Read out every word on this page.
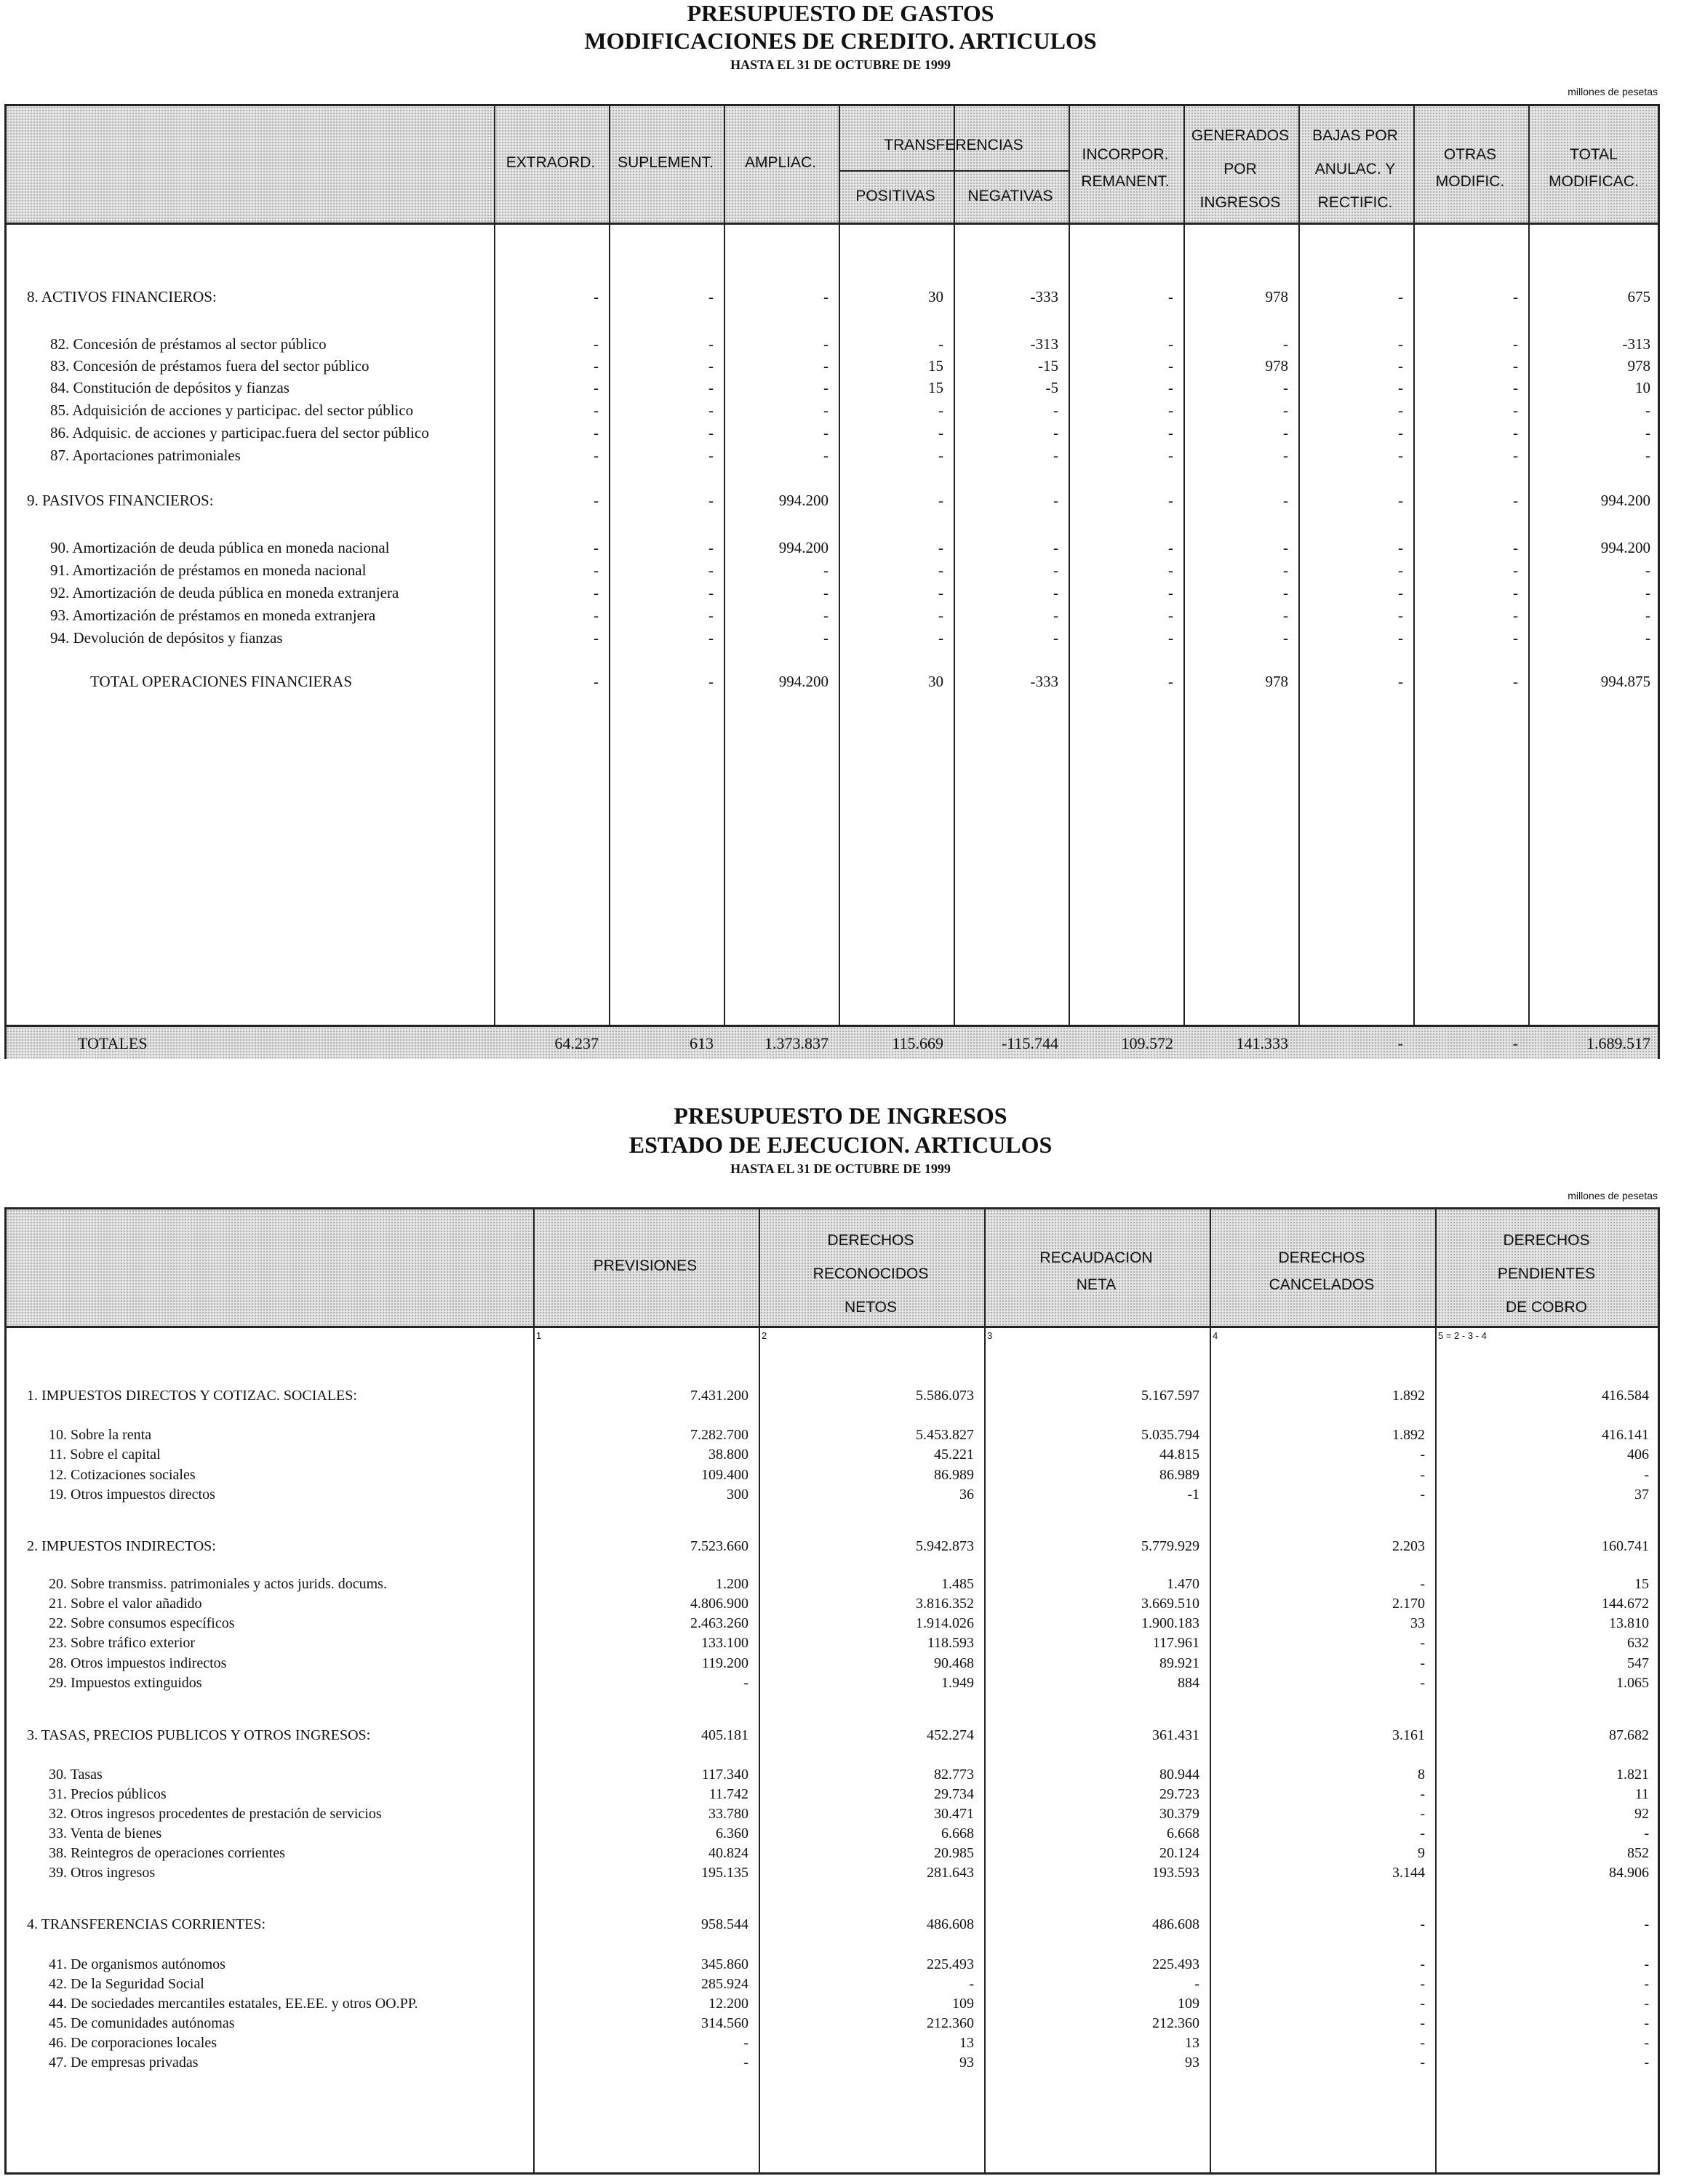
PRESUPUESTO DE GASTOS
MODIFICACIONES DE CREDITO. ARTICULOS
HASTA EL 31 DE OCTUBRE DE 1999
millones de pesetas
EXTRAORD.	SUPLEMENT.	AMPLIAC.
TRANSFERENCIAS
POSITIVAS	NEGATIVAS
INCORPOR.
REMANENT.
GENERADOS
POR
INGRESOS
BAJAS POR
ANULAC. Y
RECTIFIC.
OTRAS
MODIFIC.
TOTAL
MODIFICAC.
8. ACTIVOS FINANCIEROS:	-	-	-	30	-333	-	978	-	-	675
82. Concesión de préstamos al sector público	-	-	-	-	-313	-	-	-	-	-313
83. Concesión de préstamos fuera del sector público	-	-	-	15	-15	-	978	-	-	978
84. Constitución de depósitos y fianzas	-	-	-	15	-5	-	-	-	-	10
85. Adquisición de acciones y participac. del sector público	-	-	-	-	-	-	-	-	-	-
86. Adquisic. de acciones y participac.fuera del sector público	-	-	-	-	-	-	-	-	-	-
87. Aportaciones patrimoniales	-	-	-	-	-	-	-	-	-	-
9. PASIVOS FINANCIEROS:	-	-	994.200	-	-	-	-	-	-	994.200
90. Amortización de deuda pública en moneda nacional	-	-	994.200	-	-	-	-	-	-	994.200
91. Amortización de préstamos en moneda nacional	-	-	-	-	-	-	-	-	-	-
92. Amortización de deuda pública en moneda extranjera	-	-	-	-	-	-	-	-	-	-
93. Amortización de préstamos en moneda extranjera	-	-	-	-	-	-	-	-	-	-
94. Devolución de depósitos y fianzas	-	-	-	-	-	-	-	-	-	-
TOTAL OPERACIONES FINANCIERAS	-	-	994.200	30	-333	-	978	-	-	994.875
TOTALES	64.237	613	1.373.837	115.669	-115.744	109.572	141.333	-	-	1.689.517
PRESUPUESTO DE INGRESOS
ESTADO DE EJECUCION. ARTICULOS
HASTA EL 31 DE OCTUBRE DE 1999
millones de pesetas
PREVISIONES
DERECHOS
RECONOCIDOS
NETOS
RECAUDACION
NETA
DERECHOS
CANCELADOS
DERECHOS
PENDIENTES
DE COBRO
1	2	3	4	5 = 2 - 3 - 4
1. IMPUESTOS DIRECTOS Y COTIZAC. SOCIALES:	7.431.200	5.586.073	5.167.597	1.892	416.584
10. Sobre la renta	7.282.700	5.453.827	5.035.794	1.892	416.141
11. Sobre el capital	38.800	45.221	44.815	-	406
12. Cotizaciones sociales	109.400	86.989	86.989	-	-
19. Otros impuestos directos	300	36	-1	-	37
2. IMPUESTOS INDIRECTOS:	7.523.660	5.942.873	5.779.929	2.203	160.741
20. Sobre transmiss. patrimoniales y actos jurids. docums.	1.200	1.485	1.470	-	15
21. Sobre el valor añadido	4.806.900	3.816.352	3.669.510	2.170	144.672
22. Sobre consumos específicos	2.463.260	1.914.026	1.900.183	33	13.810
23. Sobre tráfico exterior	133.100	118.593	117.961	-	632
28. Otros impuestos indirectos	119.200	90.468	89.921	-	547
29. Impuestos extinguidos	-	1.949	884	-	1.065
3. TASAS, PRECIOS PUBLICOS Y OTROS INGRESOS:	405.181	452.274	361.431	3.161	87.682
30. Tasas	117.340	82.773	80.944	8	1.821
31. Precios públicos	11.742	29.734	29.723	-	11
32. Otros ingresos procedentes de prestación de servicios	33.780	30.471	30.379	-	92
33. Venta de bienes	6.360	6.668	6.668	-	-
38. Reintegros de operaciones corrientes	40.824	20.985	20.124	9	852
39. Otros ingresos	195.135	281.643	193.593	3.144	84.906
4. TRANSFERENCIAS CORRIENTES:	958.544	486.608	486.608	-	-
41. De organismos autónomos	345.860	225.493	225.493	-	-
42. De la Seguridad Social	285.924	-	-	-	-
44. De sociedades mercantiles estatales, EE.EE. y otros OO.PP.	12.200	109	109	-	-
45. De comunidades autónomas	314.560	212.360	212.360	-	-
46. De corporaciones locales	-	13	13	-	-
47. De empresas privadas	-	93	93	-	-
